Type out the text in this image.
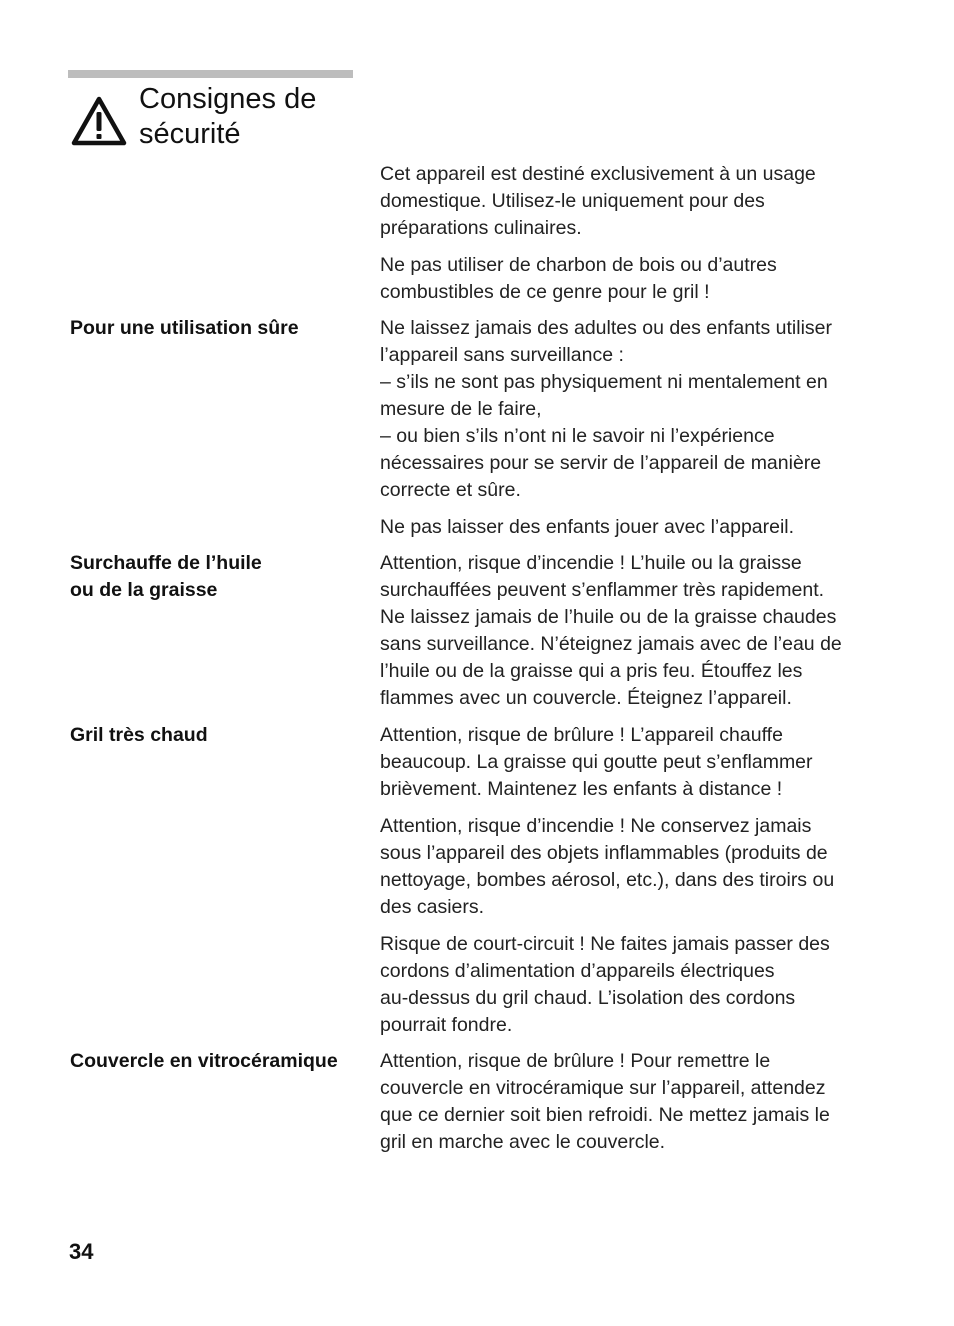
Consignes de
sécurité
Cet appareil est destiné exclusivement à un usage
domestique. Utilisez-le uniquement pour des
préparations culinaires.
Ne pas utiliser de charbon de bois ou d’autres
combustibles de ce genre pour le gril !
Pour une utilisation sûre	Ne laissez jamais des adultes ou des enfants utiliser
l’appareil sans surveillance :
– s’ils ne sont pas physiquement ni mentalement en
mesure de le faire,
– ou bien s’ils n’ont ni le savoir ni l’expérience
nécessaires pour se servir de l’appareil de manière
correcte et sûre.
Ne pas laisser des enfants jouer avec l’appareil.
Surchauffe de l’huile
ou de la graisse
Attention, risque d’incendie ! L’huile ou la graisse
surchauffées peuvent s’enflammer très rapidement.
Ne laissez jamais de l’huile ou de la graisse chaudes
sans surveillance. N’éteignez jamais avec de l’eau de
l’huile ou de la graisse qui a pris feu. Étouffez les
flammes avec un couvercle. Éteignez l’appareil.
Gril très chaud	Attention, risque de brûlure ! L’appareil chauffe
beaucoup. La graisse qui goutte peut s’enflammer
brièvement. Maintenez les enfants à distance !
Attention, risque d’incendie ! Ne conservez jamais
sous l’appareil des objets inflammables (produits de
nettoyage, bombes aérosol, etc.), dans des tiroirs ou
des casiers.
Risque de court-circuit ! Ne faites jamais passer des
cordons d’alimentation d’appareils électriques
au-dessus du gril chaud. L’isolation des cordons
pourrait fondre.
Couvercle en vitrocéramique Attention, risque de brûlure ! Pour remettre le
couvercle en vitrocéramique sur l’appareil, attendez
que ce dernier soit bien refroidi. Ne mettez jamais le
gril en marche avec le couvercle.
34
